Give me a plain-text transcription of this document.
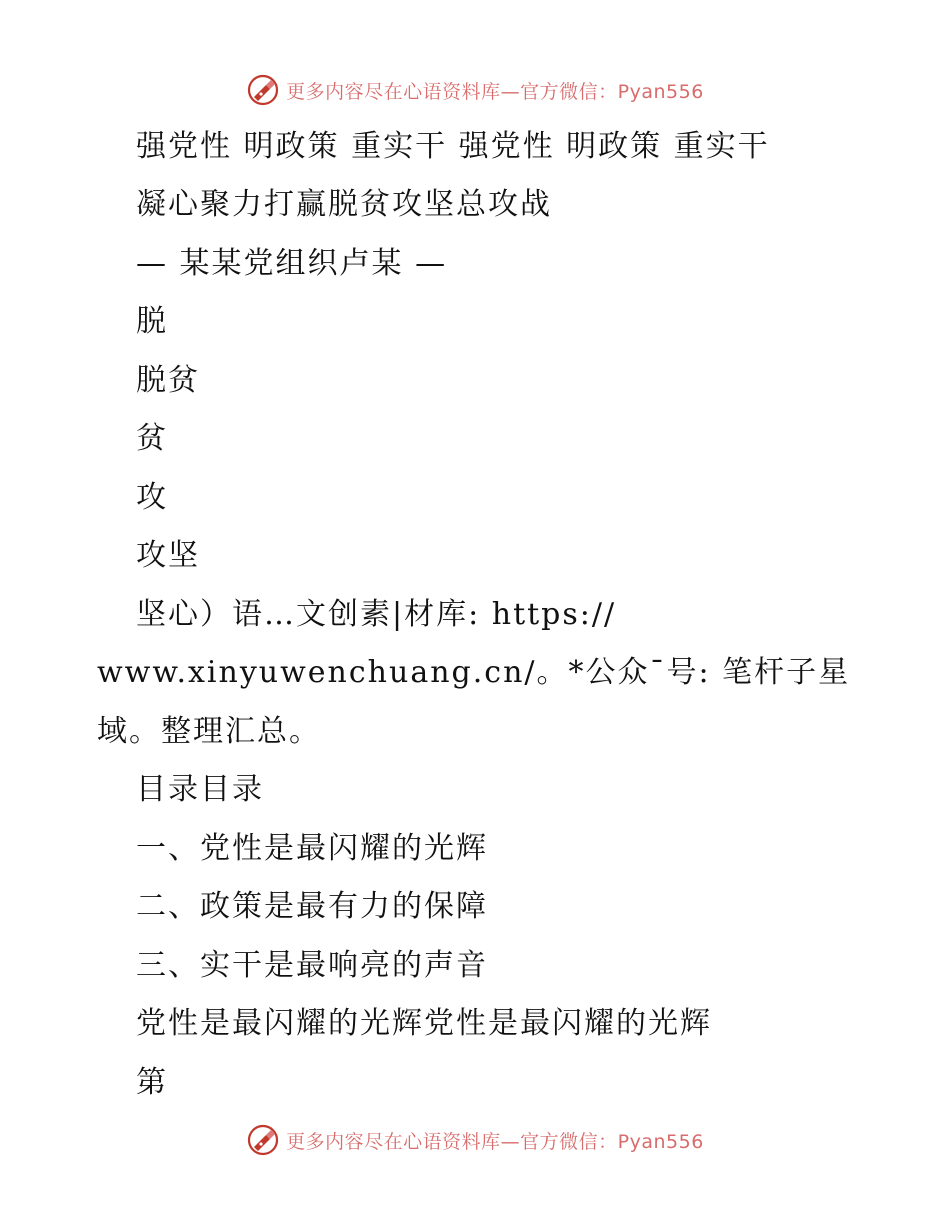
更多内容尽在心语资料库—官方微信：Pyan556
强党性 明政策 重实干 强党性 明政策 重实干
凝心聚力打赢脱贫攻坚总攻战
— 某某党组织卢某 —
脱
脱贫
贫
攻
攻坚
坚心）语…文创素|材库: https://
www.xinyuwenchuang.cn/。*公众¯号: 笔杆子星
域。整理汇总。
目录目录
一、党性是最闪耀的光辉
二、政策是最有力的保障
三、实干是最响亮的声音
党性是最闪耀的光辉党性是最闪耀的光辉
第
更多内容尽在心语资料库—官方微信：Pyan556
